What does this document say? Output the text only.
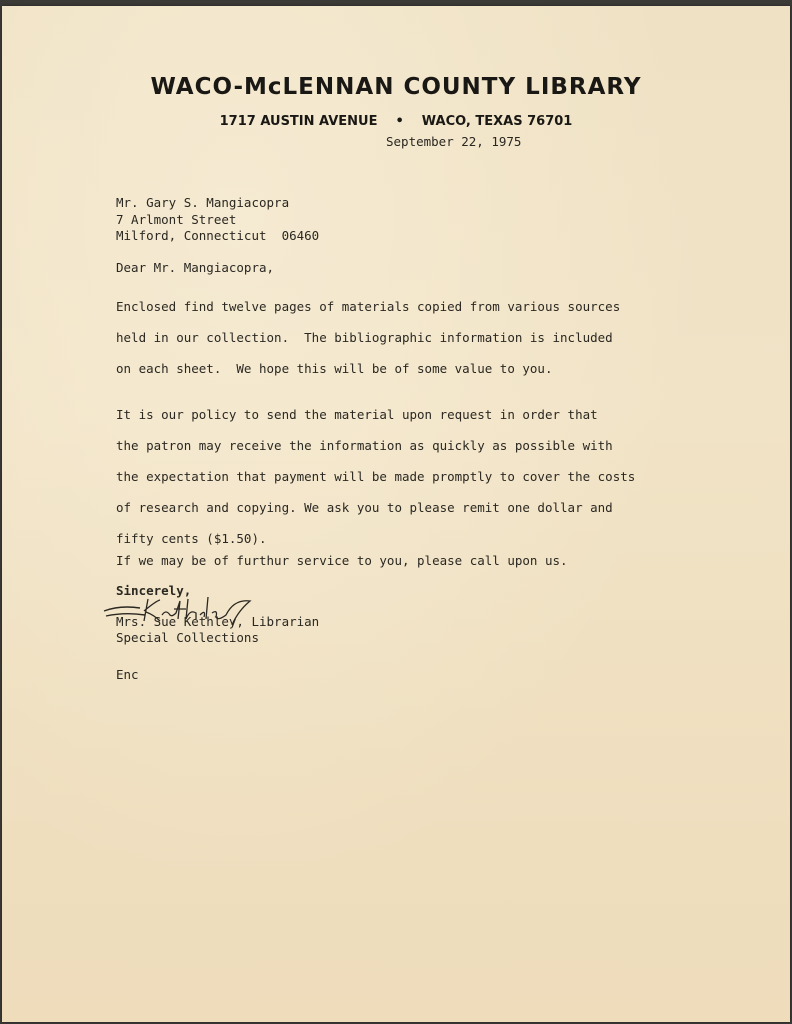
WACO-McLENNAN COUNTY LIBRARY
1717 AUSTIN AVENUE • WACO, TEXAS 76701
September 22, 1975
Mr. Gary S. Mangiacopra
7 Arlmont Street
Milford, Connecticut  06460
Dear Mr. Mangiacopra,
Enclosed find twelve pages of materials copied from various sources
held in our collection.  The bibliographic information is included
on each sheet.  We hope this will be of some value to you.
It is our policy to send the material upon request in order that
the patron may receive the information as quickly as possible with
the expectation that payment will be made promptly to cover the costs
of research and copying. We ask you to please remit one dollar and
fifty cents ($1.50).
If we may be of furthur service to you, please call upon us.
Sincerely,
Mrs. Sue Kethley, Librarian
Special Collections
Enc
